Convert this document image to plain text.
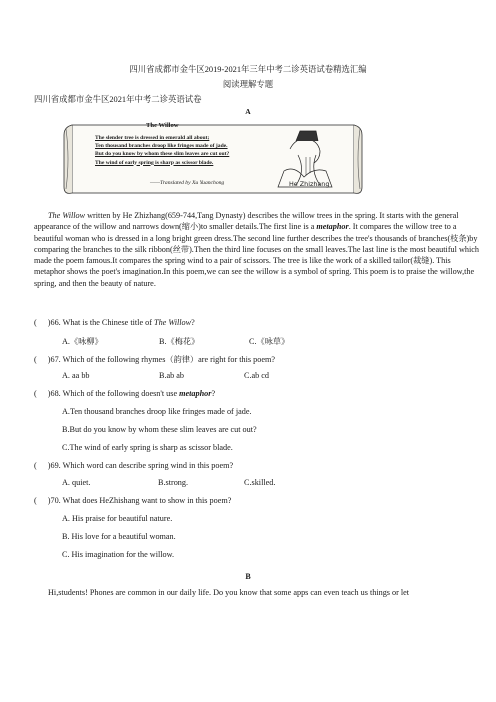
四川省成都市金牛区2019-2021年三年中考二诊英语试卷精选汇编
阅读理解专题
四川省成都市金牛区2021年中考二诊英语试卷
A

The Willow
The slender tree is dressed in emerald all about;
Ten thousand branches droop like fringes made of jade.
But do you know by whom these slim leaves are cut out?
The wind of early spring is sharp as scissor blade.
——Translated by Xu Yuanchong	He Zhizhang
The Willow written by He Zhizhang(659-744,Tang Dynasty) describes the willow trees in the spring. It starts with the general appearance of the willow and narrows down(缩小)to smaller details.The first line is a metaphor. It compares the willow tree to a beautiful woman who is dressed in a long bright green dress.The second line further describes the tree's thousands of branches(枝条)by comparing the branches to the silk ribbon(丝带).Then the third line focuses on the small leaves.The last line is the most beautiful which made the poem famous.It compares the spring wind to a pair of scissors. The tree is like the work of a skilled tailor(裁缝). This metaphor shows the poet's imagination.In this poem,we can see the willow is a symbol of spring. This poem is to praise the willow,the spring, and then the beauty of nature.
( )66. What is the Chinese title of The Willow?
A.《咏柳》	B.《梅花》	C.《咏草》
( )67. Which of the following rhymes（韵律）are right for this poem?
A. aa bb	B.ab ab	C.ab cd
( )68. Which of the following doesn't use metaphor?
A.Ten thousand branches droop like fringes made of jade.
B.But do you know by whom these slim leaves are cut out?
C.The wind of early spring is sharp as scissor blade.
( )69. Which word can describe spring wind in this poem?
A. quiet.	B.strong.	C.skilled.
( )70. What does HeZhishang want to show in this poem?
A. His praise for beautiful nature.
B. His love for a beautiful woman.
C. His imagination for the willow.
B
Hi,students! Phones are common in our daily life. Do you know that some apps can even teach us things or let
